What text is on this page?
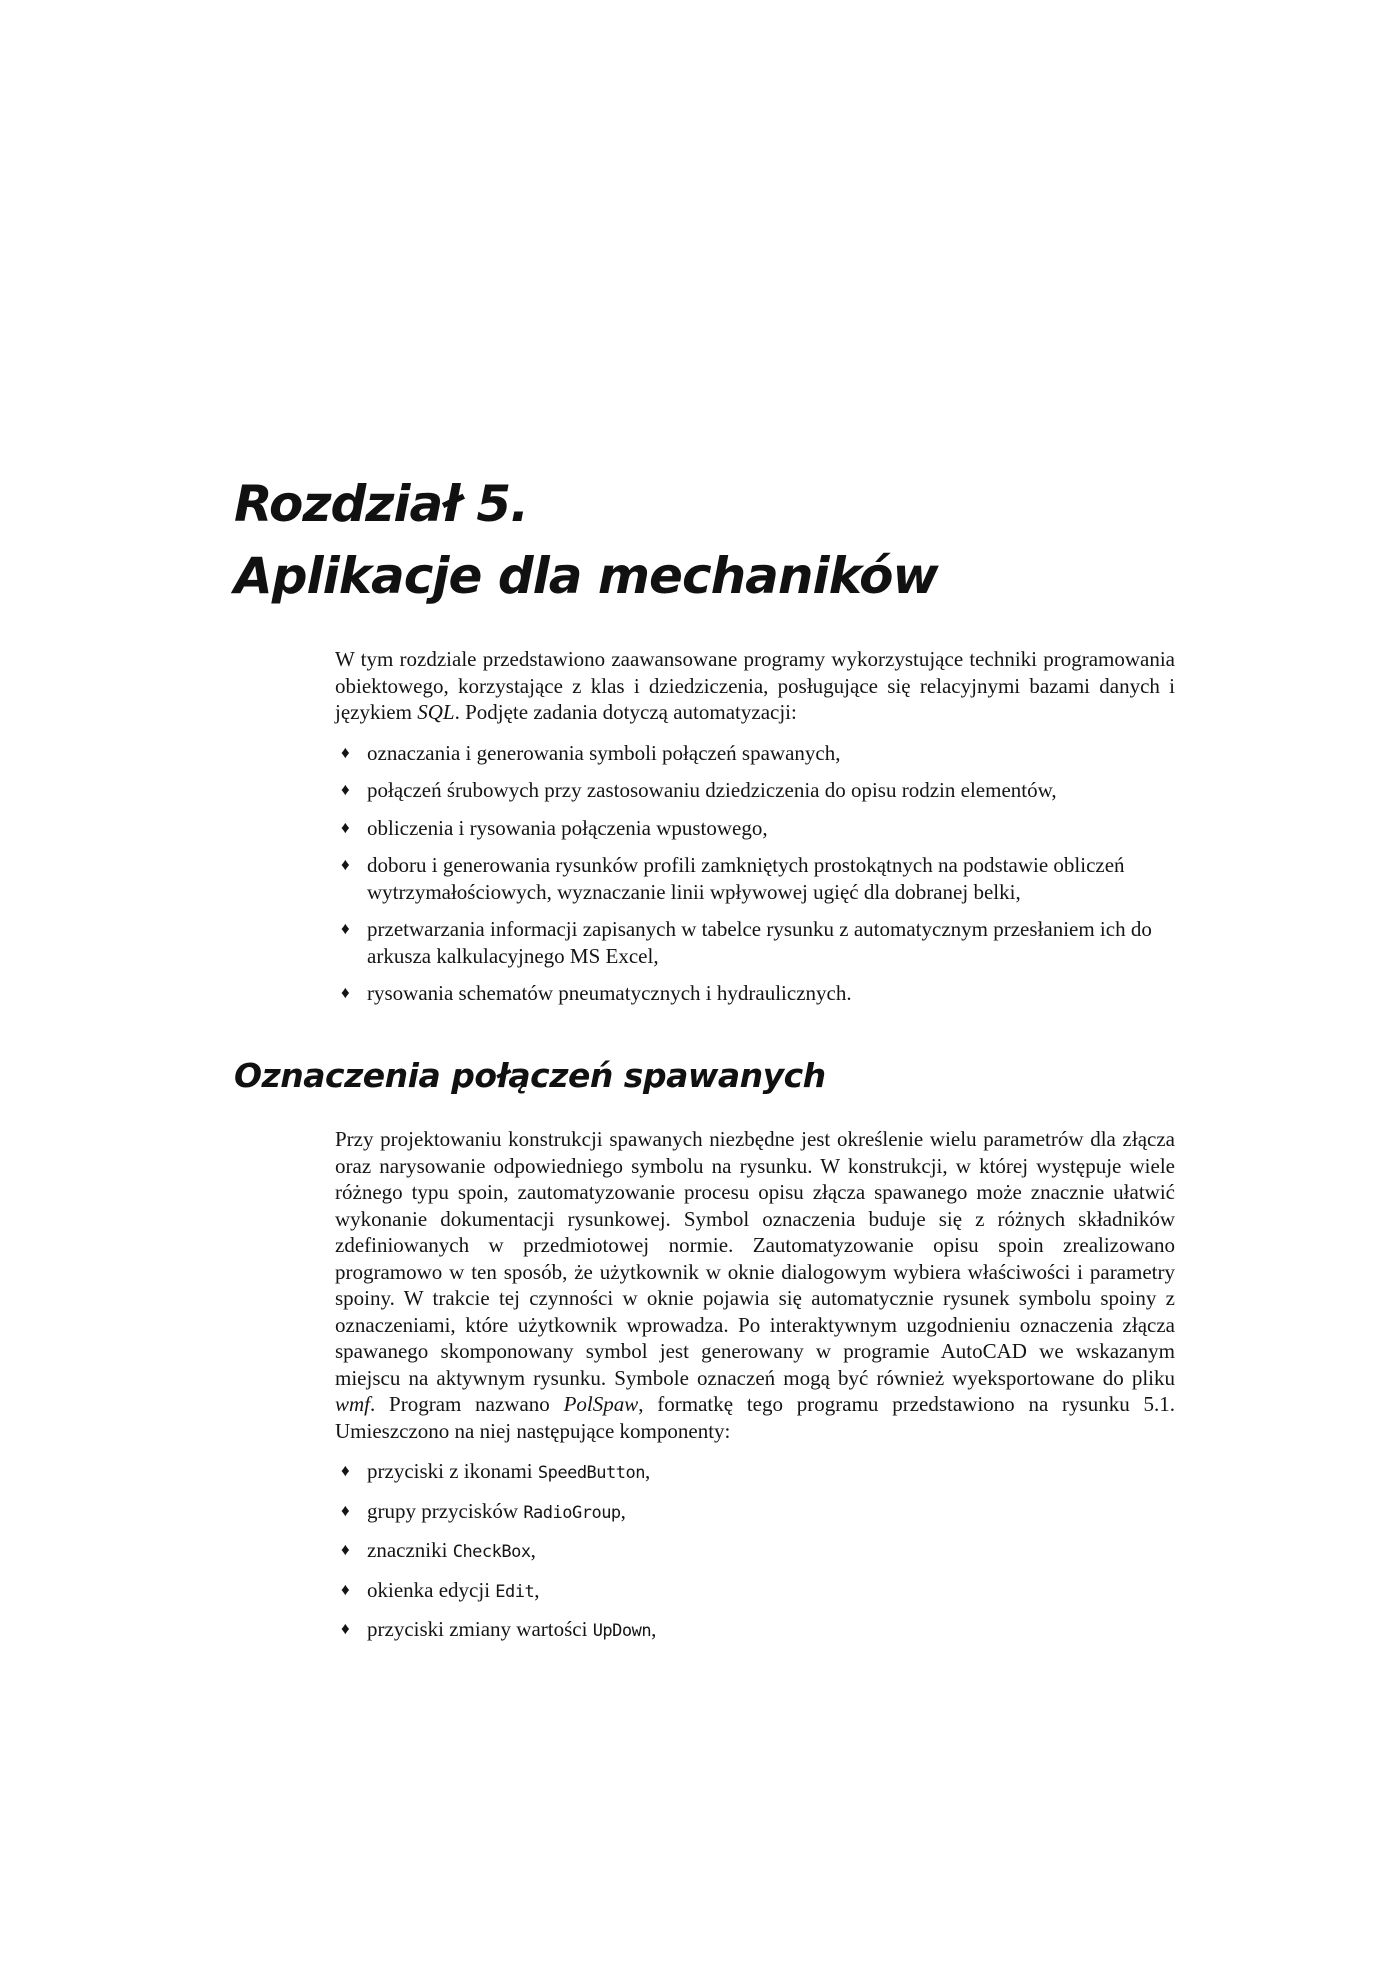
Rozdział 5.
Aplikacje dla mechaników

W tym rozdziale przedstawiono zaawansowane programy wykorzystujące techniki programowania obiektowego, korzystające z klas i dziedziczenia, posługujące się relacyjnymi bazami danych i językiem SQL. Podjęte zadania dotyczą automatyzacji:

♦ oznaczania i generowania symboli połączeń spawanych,
♦ połączeń śrubowych przy zastosowaniu dziedziczenia do opisu rodzin elementów,
♦ obliczenia i rysowania połączenia wpustowego,
♦ doboru i generowania rysunków profili zamkniętych prostokątnych na podstawie obliczeń wytrzymałościowych, wyznaczanie linii wpływowej ugięć dla dobranej belki,
♦ przetwarzania informacji zapisanych w tabelce rysunku z automatycznym przesłaniem ich do arkusza kalkulacyjnego MS Excel,
♦ rysowania schematów pneumatycznych i hydraulicznych.
Oznaczenia połączeń spawanych

Przy projektowaniu konstrukcji spawanych niezbędne jest określenie wielu parametrów dla złącza oraz narysowanie odpowiedniego symbolu na rysunku. W konstrukcji, w której występuje wiele różnego typu spoin, zautomatyzowanie procesu opisu złącza spawanego może znacznie ułatwić wykonanie dokumentacji rysunkowej. Symbol oznaczenia buduje się z różnych składników zdefiniowanych w przedmiotowej normie. Zautomatyzowanie opisu spoin zrealizowano programowo w ten sposób, że użytkownik w oknie dialogowym wybiera właściwości i parametry spoiny. W trakcie tej czynności w oknie pojawia się automatycznie rysunek symbolu spoiny z oznaczeniami, które użytkownik wprowadza. Po interaktywnym uzgodnieniu oznaczenia złącza spawanego skomponowany symbol jest generowany w programie AutoCAD we wskazanym miejscu na aktywnym rysunku. Symbole oznaczeń mogą być również wyeksportowane do pliku wmf. Program nazwano PolSpaw, formatkę tego programu przedstawiono na rysunku 5.1. Umieszczono na niej następujące komponenty:

♦ przyciski z ikonami SpeedButton,
♦ grupy przycisków RadioGroup,
♦ znaczniki CheckBox,
♦ okienka edycji Edit,
♦ przyciski zmiany wartości UpDown,
